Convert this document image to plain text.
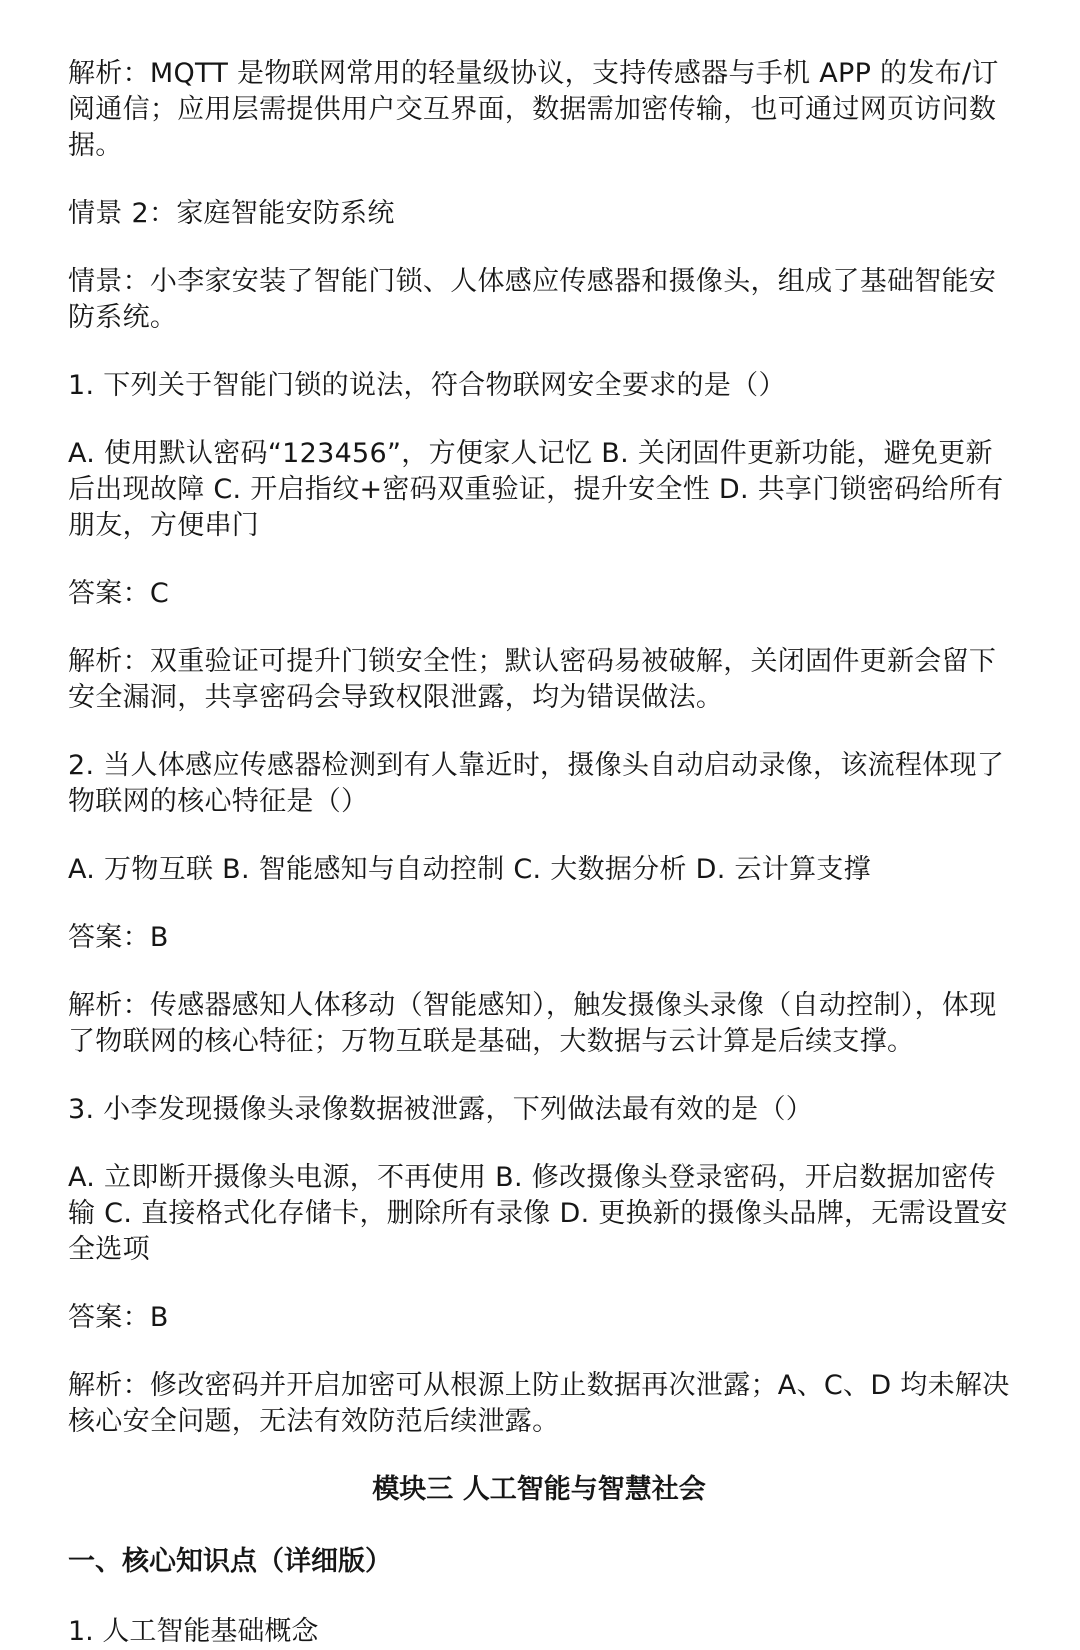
解析：MQTT 是物联网常用的轻量级协议，支持传感器与手机 APP 的发布/订阅通信；应用层需提供用户交互界面，数据需加密传输，也可通过网页访问数据。

情景 2：家庭智能安防系统

情景：小李家安装了智能门锁、人体感应传感器和摄像头，组成了基础智能安防系统。

1. 下列关于智能门锁的说法，符合物联网安全要求的是（）

A. 使用默认密码“123456”，方便家人记忆 B. 关闭固件更新功能，避免更新后出现故障 C. 开启指纹+密码双重验证，提升安全性 D. 共享门锁密码给所有朋友，方便串门

答案：C

解析：双重验证可提升门锁安全性；默认密码易被破解，关闭固件更新会留下安全漏洞，共享密码会导致权限泄露，均为错误做法。

2. 当人体感应传感器检测到有人靠近时，摄像头自动启动录像，该流程体现了物联网的核心特征是（）

A. 万物互联 B. 智能感知与自动控制 C. 大数据分析 D. 云计算支撑

答案：B

解析：传感器感知人体移动（智能感知），触发摄像头录像（自动控制），体现了物联网的核心特征；万物互联是基础，大数据与云计算是后续支撑。

3. 小李发现摄像头录像数据被泄露，下列做法最有效的是（）

A. 立即断开摄像头电源，不再使用 B. 修改摄像头登录密码，开启数据加密传输 C. 直接格式化存储卡，删除所有录像 D. 更换新的摄像头品牌，无需设置安全选项

答案：B

解析：修改密码并开启加密可从根源上防止数据再次泄露；A、C、D 均未解决核心安全问题，无法有效防范后续泄露。

模块三 人工智能与智慧社会

一、核心知识点（详细版）

1. 人工智能基础概念
